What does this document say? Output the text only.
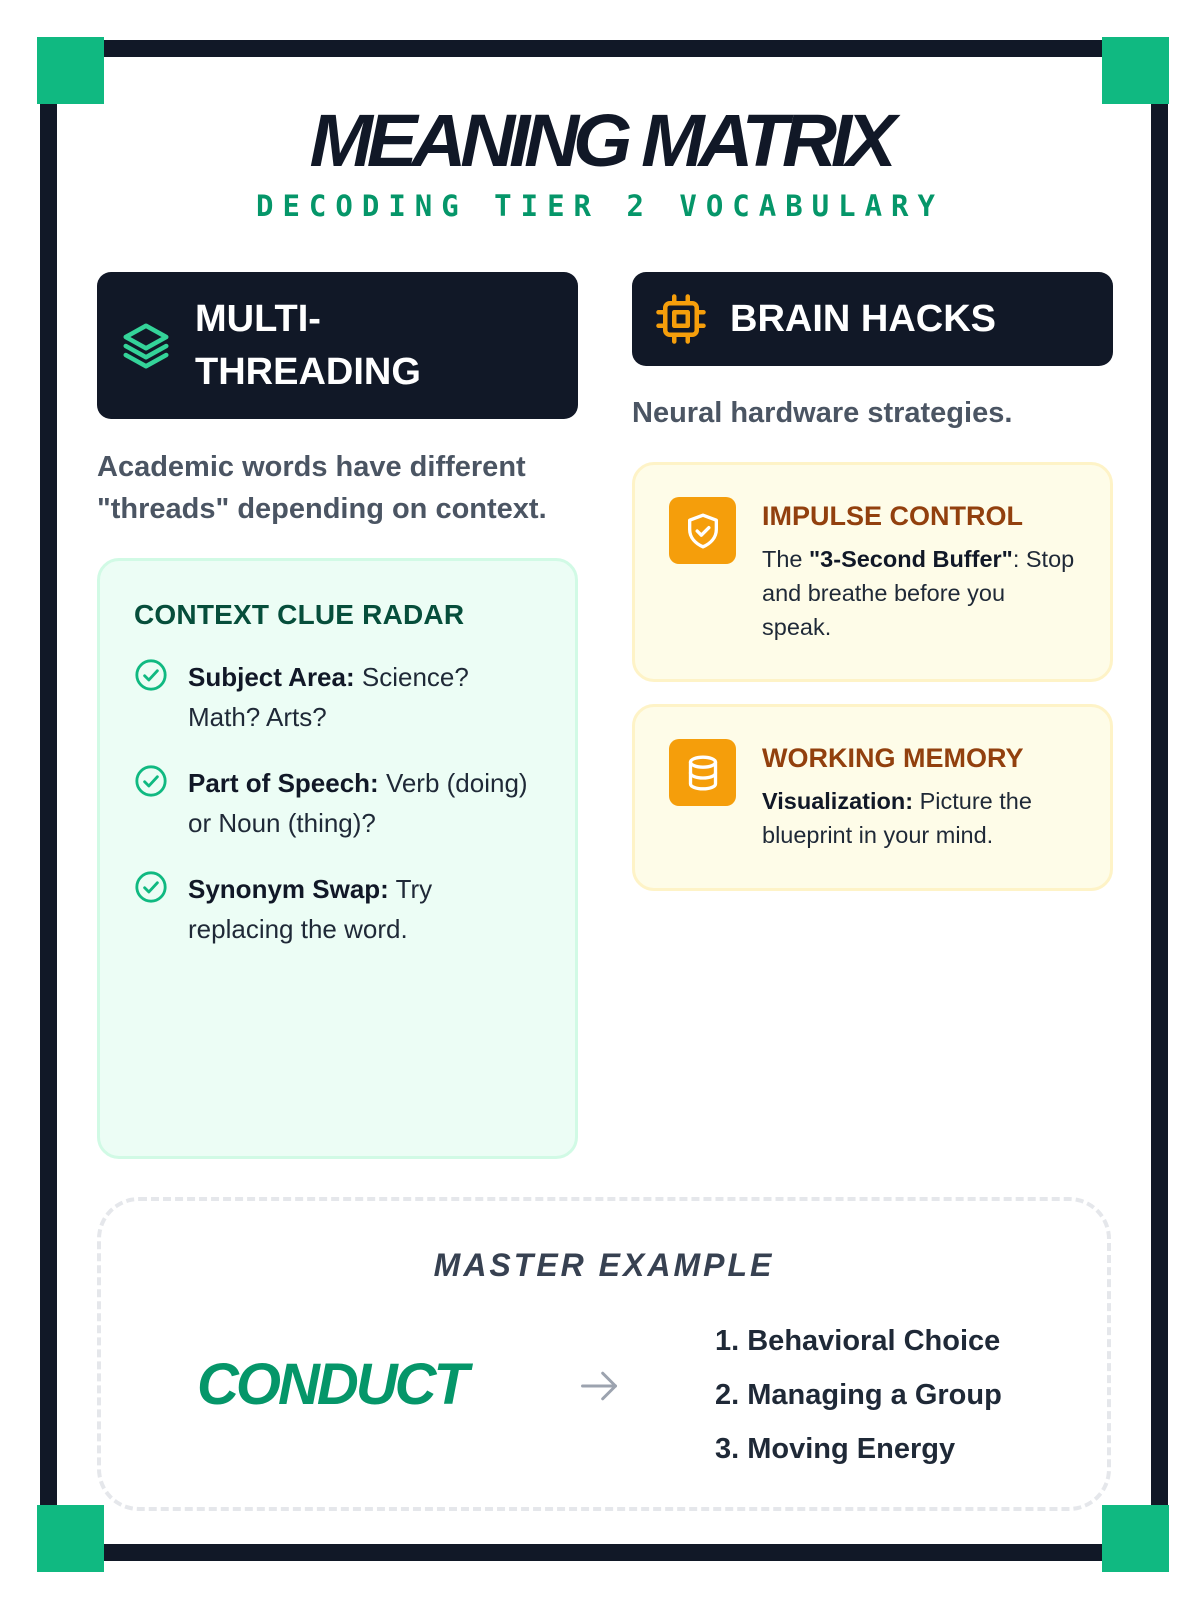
MEANING MATRIX
DECODING TIER 2 VOCABULARY
MULTI-THREADING
Academic words have different "threads" depending on context.
CONTEXT CLUE RADAR
Subject Area: Science? Math? Arts?
Part of Speech: Verb (doing) or Noun (thing)?
Synonym Swap: Try replacing the word.
BRAIN HACKS
Neural hardware strategies.
IMPULSE CONTROL
The "3-Second Buffer": Stop and breathe before you speak.
WORKING MEMORY
Visualization: Picture the blueprint in your mind.
MASTER EXAMPLE
CONDUCT
1. Behavioral Choice
2. Managing a Group
3. Moving Energy
